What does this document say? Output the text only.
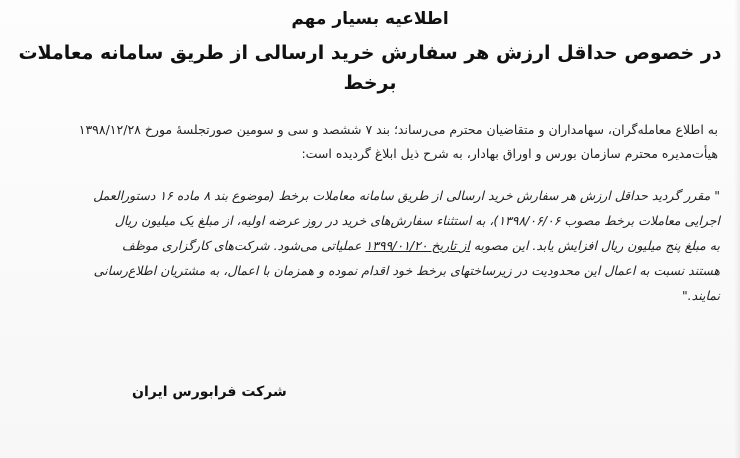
اطلاعیه بسیار مهم
در خصوص حداقل ارزش هر سفارش خرید ارسالی از طریق سامانه معاملات برخط
به اطلاع معامله‌گران، سهامداران و متقاضیان محترم می‌رساند؛ بند ۷ ششصد و سی و سومین صورتجلسهٔ مورخ ۱۳۹۸/۱۲/۲۸
هیأت‌مدیره محترم سازمان بورس و اوراق بهادار، به شرح ذیل ابلاغ گردیده است:
" مقرر گردید حداقل ارزش هر سفارش خرید ارسالی از طریق سامانه معاملات برخط (موضوع بند ۸ ماده ۱۶ دستورالعمل
اجرایی معاملات برخط مصوب ۱۳۹۸/۰۶/۰۶)، به استثناء سفارش‌های خرید در روز عرضه اولیه، از مبلغ یک میلیون ریال
به مبلغ پنج میلیون ریال افزایش یابد. این مصوبه از تاریخ ۱۳۹۹/۰۱/۲۰ عملیاتی می‌شود. شرکت‌های کارگزاری موظف
هستند نسبت به اعمال این محدودیت در زیرساختهای برخط خود اقدام نموده و همزمان با اعمال، به مشتریان اطلاع‌رسانی
نمایند."
شرکت فرابورس ایران
